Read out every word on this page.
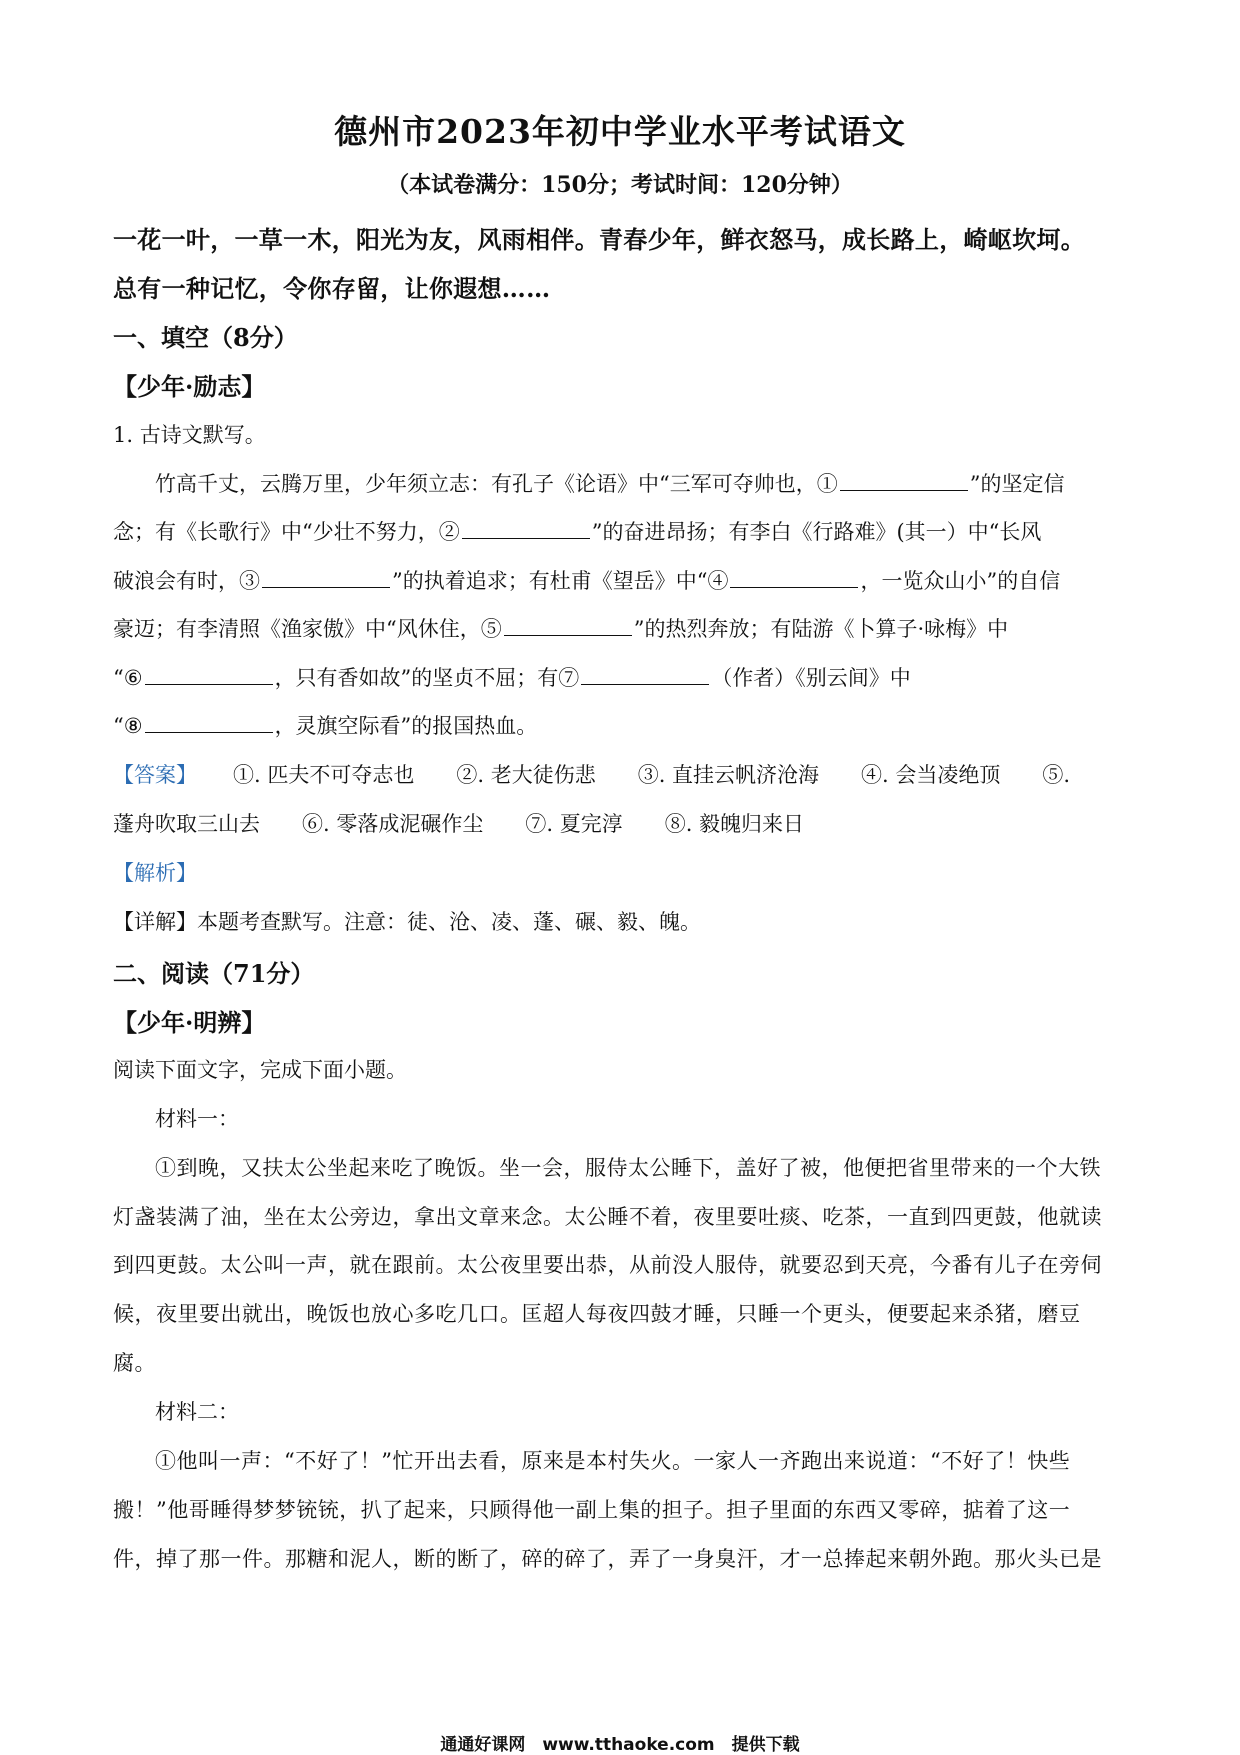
德州市2023年初中学业水平考试语文
（本试卷满分：150分；考试时间：120分钟）
一花一叶，一草一木，阳光为友，风雨相伴。青春少年，鲜衣怒马，成长路上，崎岖坎坷。
总有一种记忆，令你存留，让你遐想……
一、填空（8分）
【少年·励志】
1. 古诗文默写。
竹高千丈，云腾万里，少年须立志：有孔子《论语》中“三军可夺帅也，①	”的坚定信
念；有《长歌行》中“少壮不努力，②	”的奋进昂扬；有李白《行路难》(其一）中“长风
破浪会有时，③	”的执着追求；有杜甫《望岳》中“④	，一览众山小”的自信
豪迈；有李清照《渔家傲》中“风休住，⑤	”的热烈奔放；有陆游《卜算子·咏梅》中
“⑥	，只有香如故”的坚贞不屈；有⑦	（作者）《别云间》中
“⑧	，灵旗空际看”的报国热血。
【答案】 ①. 匹夫不可夺志也　　②. 老大徒伤悲　　③. 直挂云帆济沧海　　④. 会当凌绝顶　　⑤.
蓬舟吹取三山去　　⑥. 零落成泥碾作尘　　⑦. 夏完淳　　⑧. 毅魄归来日
【解析】
【详解】本题考查默写。注意：徒、沧、凌、蓬、碾、毅、魄。
二、阅读（71分）
【少年·明辨】
阅读下面文字，完成下面小题。
材料一：
①到晚，又扶太公坐起来吃了晚饭。坐一会，服侍太公睡下，盖好了被，他便把省里带来的一个大铁
灯盏装满了油，坐在太公旁边，拿出文章来念。太公睡不着，夜里要吐痰、吃茶，一直到四更鼓，他就读
到四更鼓。太公叫一声，就在跟前。太公夜里要出恭，从前没人服侍，就要忍到天亮，今番有儿子在旁伺
候，夜里要出就出，晚饭也放心多吃几口。匡超人每夜四鼓才睡，只睡一个更头，便要起来杀猪，磨豆
腐。
材料二：
①他叫一声：“不好了！”忙开出去看，原来是本村失火。一家人一齐跑出来说道：“不好了！快些
搬！”他哥睡得梦梦铳铳，扒了起来，只顾得他一副上集的担子。担子里面的东西又零碎，掂着了这一
件，掉了那一件。那糖和泥人，断的断了，碎的碎了，弄了一身臭汗，才一总捧起来朝外跑。那火头已是
通通好课网　www.tthaoke.com　提供下载
